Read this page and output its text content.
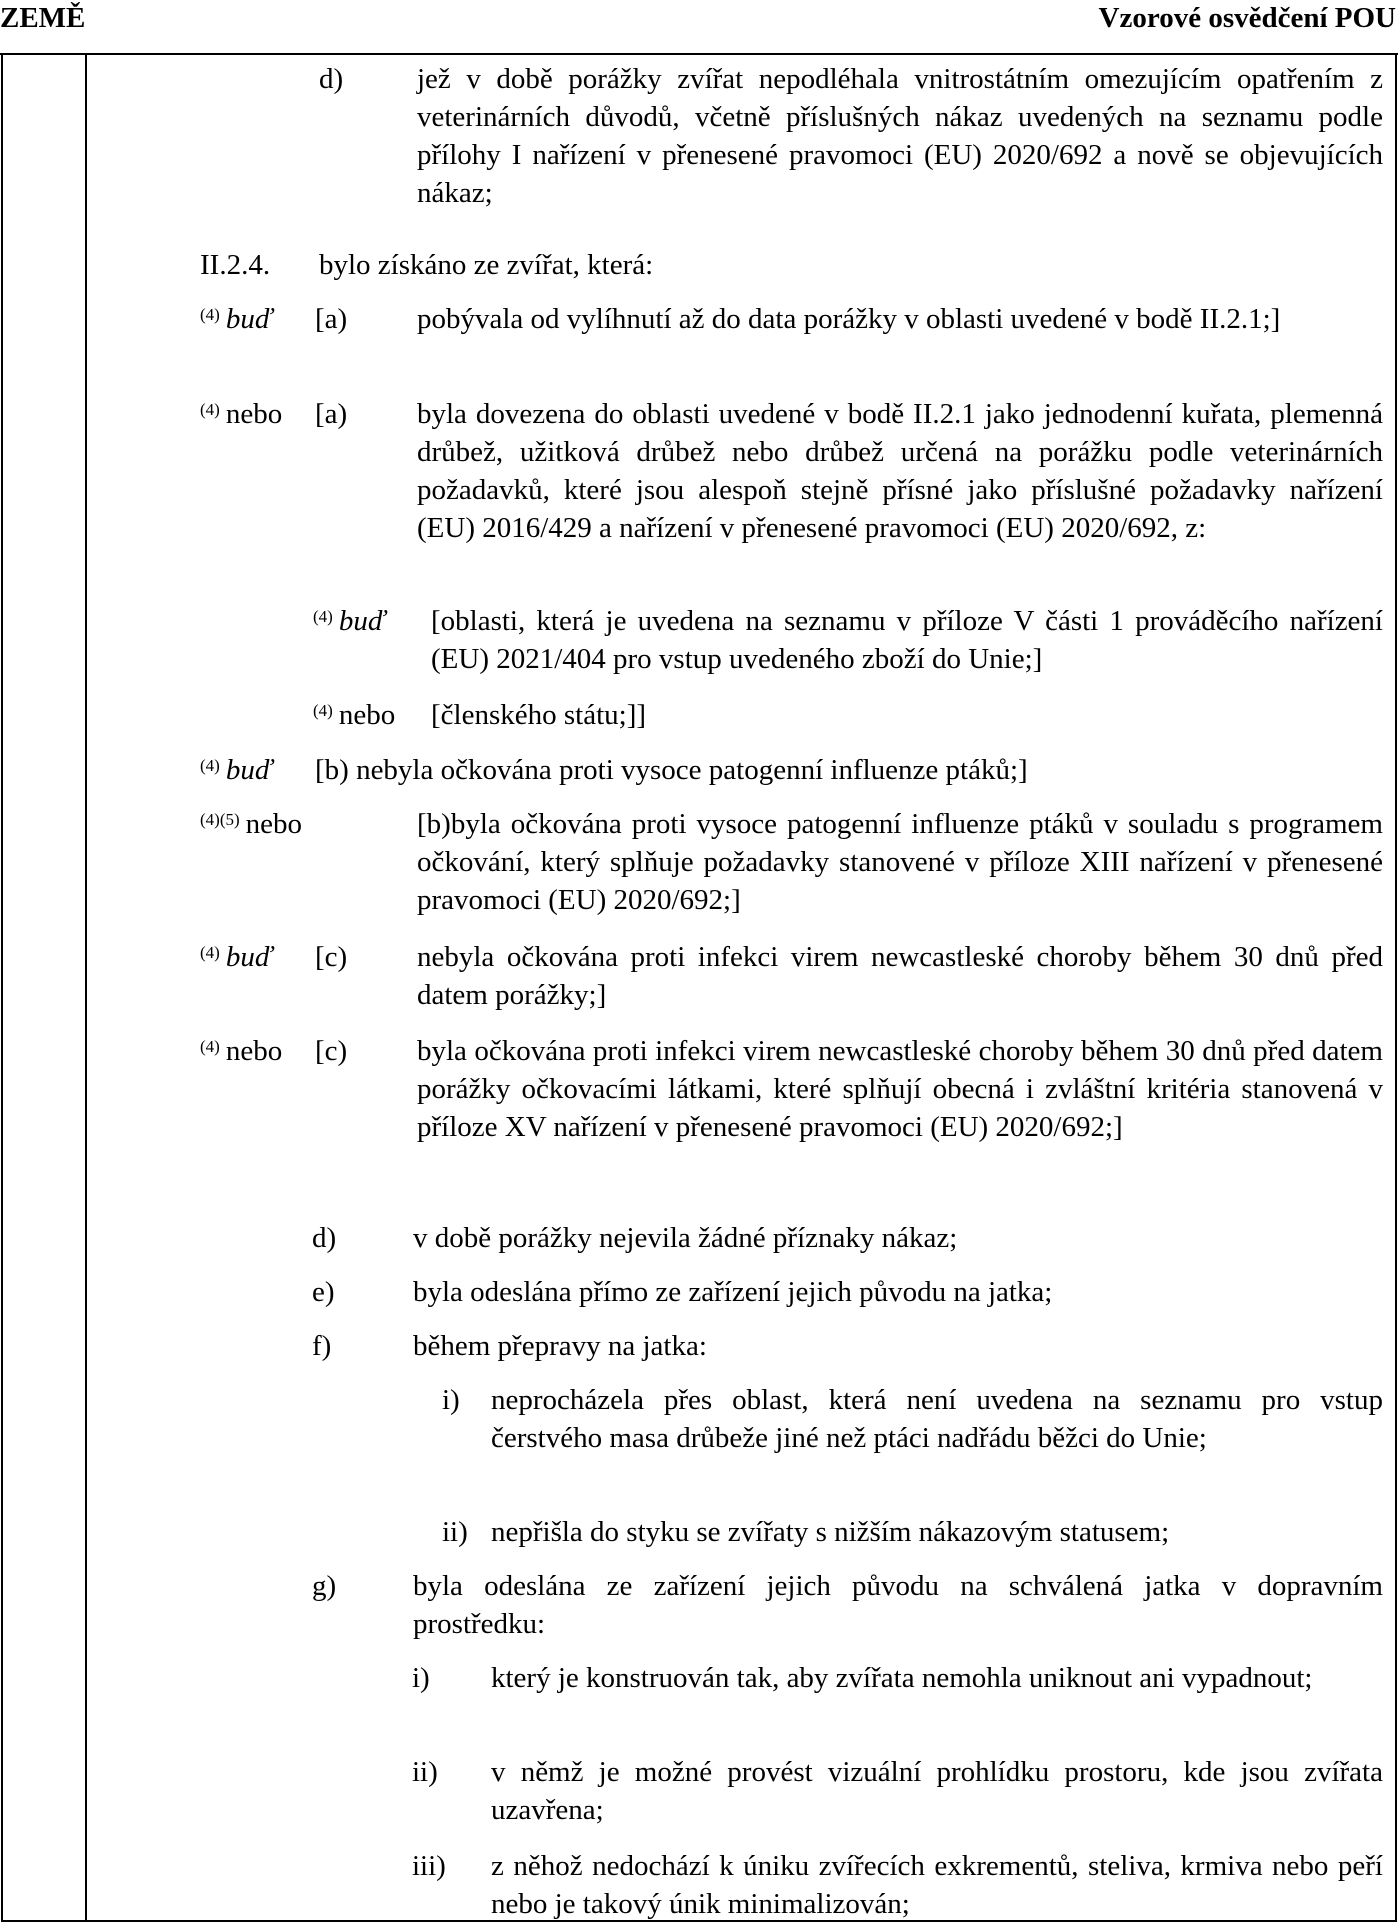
ZEMĚ	Vzorové osvědčení POU
d)	jež v době porážky zvířat nepodléhala vnitrostátním omezujícím opatřením z veterinárních důvodů, včetně příslušných nákaz uvedených na seznamu podle přílohy I nařízení v přenesené pravomoci (EU) 2020/692 a nově se objevujících nákaz;

II.2.4. bylo získáno ze zvířat, která:
$^{(4)}$ buď [a) pobývala od vylíhnutí až do data porážky v oblasti uvedené v bodě II.2.1;]

$^{(4)}$ nebo [a) byla dovezena do oblasti uvedené v bodě II.2.1 jako jednodenní kuřata, plemenná drůbež, užitková drůbež nebo drůbež určená na porážku podle veterinárních požadavků, které jsou alespoň stejně přísné jako příslušné požadavky nařízení (EU) 2016/429 a nařízení v přenesené pravomoci (EU) 2020/692, z:

$^{(4)}$ buď [oblasti, která je uvedena na seznamu v příloze V části 1 prováděcího nařízení (EU) 2021/404 pro vstup uvedeného zboží do Unie;]

$^{(4)}$ nebo [členského státu;]]
$^{(4)}$ buď [b) nebyla očkována proti vysoce patogenní influenze ptáků;]
$^{(4)(5)}$ nebo	[b)byla očkována proti vysoce patogenní influenze ptáků v souladu s programem očkování, který splňuje požadavky stanovené v příloze XIII nařízení v přenesené pravomoci (EU) 2020/692;]

$^{(4)}$ buď [c) nebyla očkována proti infekci virem newcastleské choroby během 30 dnů před datem porážky;]

$^{(4)}$ nebo [c) byla očkována proti infekci virem newcastleské choroby během 30 dnů před datem porážky očkovacími látkami, které splňují obecná i zvláštní kritéria stanovená v příloze XV nařízení v přenesené pravomoci (EU) 2020/692;]

d)	v době porážky nejevila žádné příznaky nákaz;
e)	byla odeslána přímo ze zařízení jejich původu na jatka;
f)	během přepravy na jatka:
i) neprocházela přes oblast, která není uvedena na seznamu pro vstup čerstvého masa drůbeže jiné než ptáci nadřádu běžci do Unie;

ii) nepřišla do styku se zvířaty s nižším nákazovým statusem;
g)	byla odeslána ze zařízení jejich původu na schválená jatka v dopravním prostředku:

i) který je konstruován tak, aby zvířata nemohla uniknout ani vypadnout;

ii) v němž je možné provést vizuální prohlídku prostoru, kde jsou zvířata uzavřena;

iii) z něhož nedochází k úniku zvířecích exkrementů, steliva, krmiva nebo peří nebo je takový únik minimalizován;
